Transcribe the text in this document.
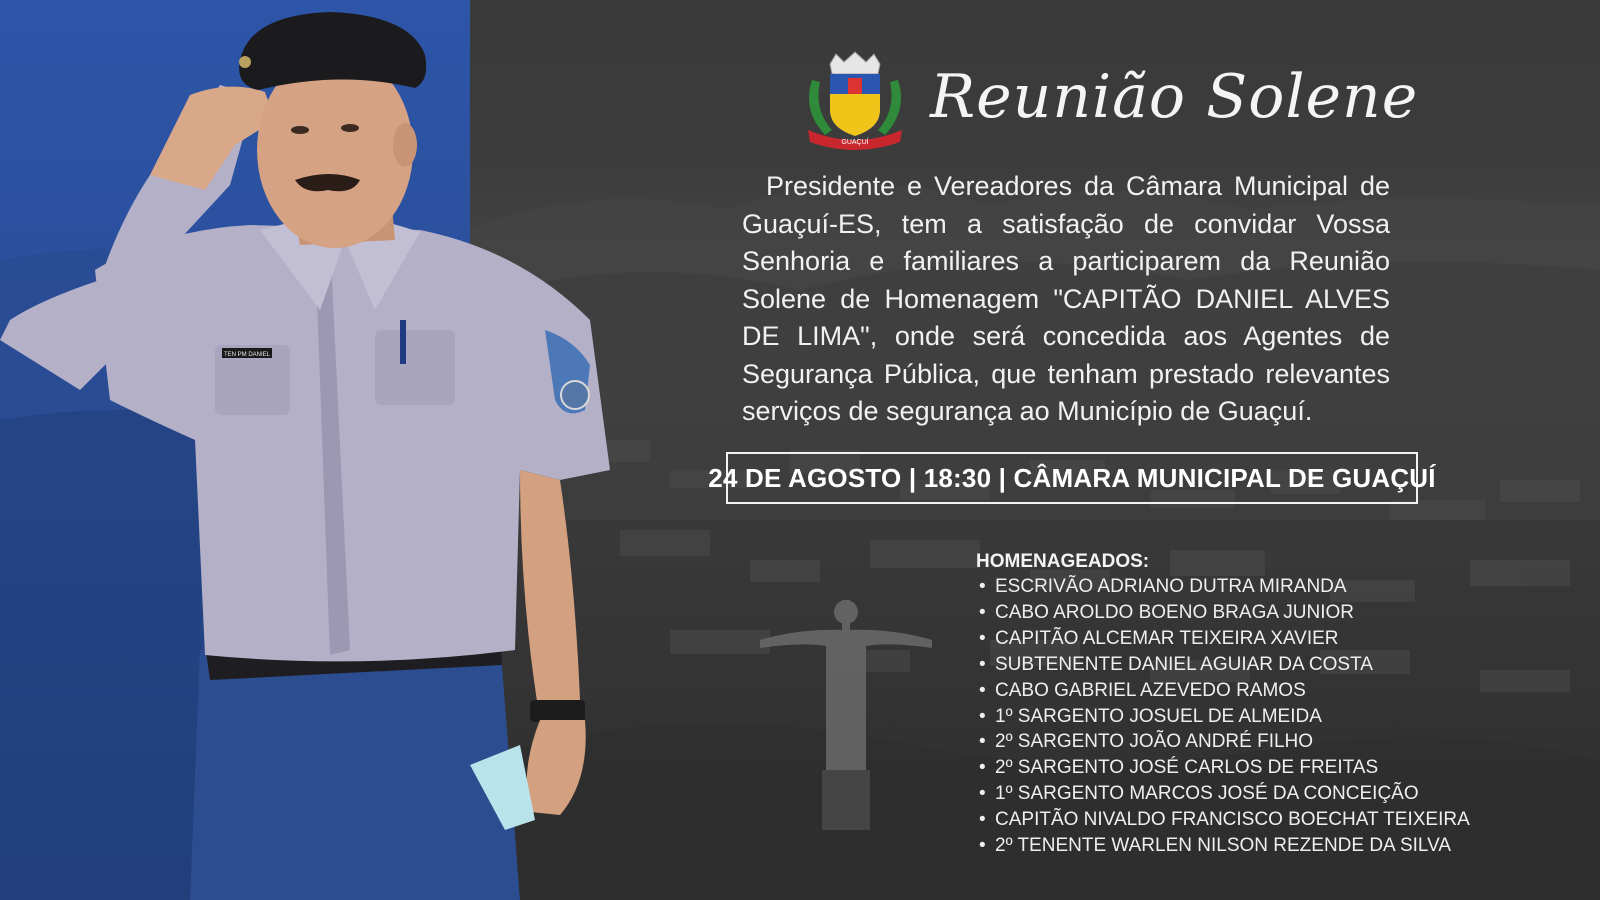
TEN PM DANIEL
GUAÇUÍ
Reunião Solene

Presidente e Vereadores da Câmara Municipal de Guaçuí-ES, tem a satisfação de convidar Vossa Senhoria e familiares a participarem da Reunião Solene de Homenagem "CAPITÃO DANIEL ALVES DE LIMA", onde será concedida aos Agentes de Segurança Pública, que tenham prestado relevantes serviços de segurança ao Município de Guaçuí.

24 DE AGOSTO | 18:30 | CÂMARA MUNICIPAL DE GUAÇUÍ
HOMENAGEADOS:
• ESCRIVÃO ADRIANO DUTRA MIRANDA
• CABO AROLDO BOENO BRAGA JUNIOR
• CAPITÃO ALCEMAR TEIXEIRA XAVIER
• SUBTENENTE DANIEL AGUIAR DA COSTA
• CABO GABRIEL AZEVEDO RAMOS
• 1º SARGENTO JOSUEL DE ALMEIDA
• 2º SARGENTO JOÃO ANDRÉ FILHO
• 2º SARGENTO JOSÉ CARLOS DE FREITAS
• 1º SARGENTO MARCOS JOSÉ DA CONCEIÇÃO
• CAPITÃO NIVALDO FRANCISCO BOECHAT TEIXEIRA
• 2º TENENTE WARLEN NILSON REZENDE DA SILVA
